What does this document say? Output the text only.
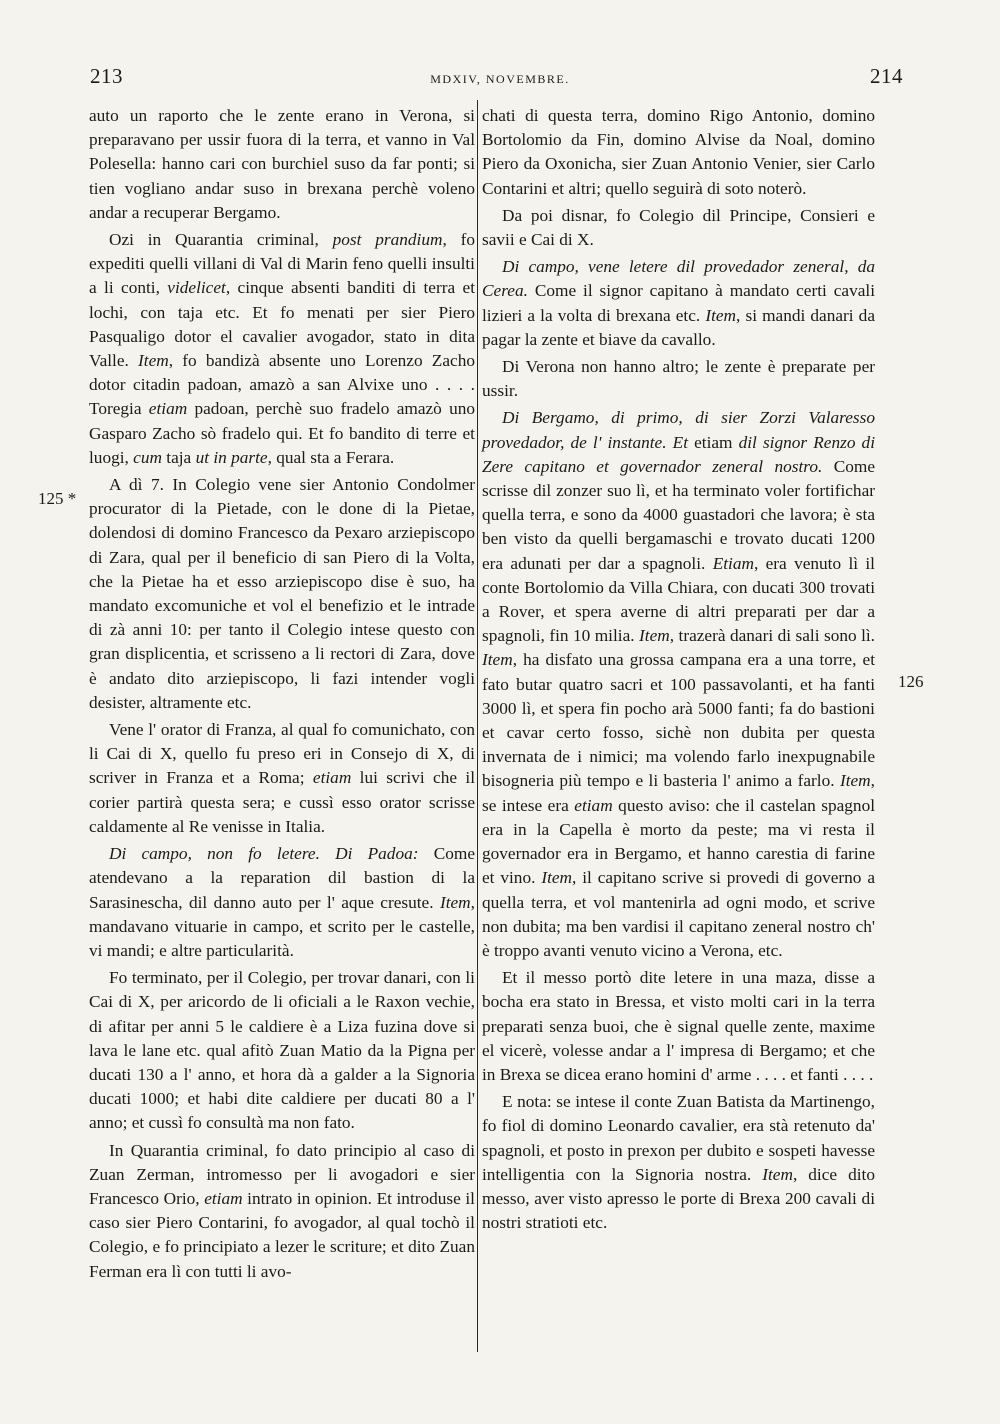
213	MDXIV, NOVEMBRE.	214
125 *
126

auto un raporto che le zente erano in Verona, si preparavano per ussir fuora di la terra, et vanno in Val Polesella: hanno cari con burchiel suso da far ponti; si tien vogliano andar suso in brexana perchè voleno andar a recuperar Bergamo.

Ozi in Quarantia criminal, post prandium, fo expediti quelli villani di Val di Marin feno quelli insulti a li conti, videlicet, cinque absenti banditi di terra et lochi, con taja etc. Et fo menati per sier Piero Pasqualigo dotor el cavalier avogador, stato in dita Valle. Item, fo bandizà absente uno Lorenzo Zacho dotor citadin padoan, amazò a san Alvixe uno . . . . Toregia etiam padoan, perchè suo fradelo amazò uno Gasparo Zacho sò fradelo qui. Et fo bandito di terre et luogi, cum taja ut in parte, qual sta a Ferara.

A dì 7. In Colegio vene sier Antonio Condolmer procurator di la Pietade, con le done di la Pietae, dolendosi di domino Francesco da Pexaro arziepiscopo di Zara, qual per il beneficio di san Piero di la Volta, che la Pietae ha et esso arziepiscopo dise è suo, ha mandato excomuniche et vol el benefizio et le intrade di zà anni 10: per tanto il Colegio intese questo con gran displicentia, et scrisseno a li rectori di Zara, dove è andato dito arziepiscopo, li fazi intender vogli desister, altramente etc.

Vene l' orator di Franza, al qual fo comunichato, con li Cai di X, quello fu preso eri in Consejo di X, di scriver in Franza et a Roma; etiam lui scrivi che il corier partirà questa sera; e cussì esso orator scrisse caldamente al Re venisse in Italia.

Di campo, non fo letere. Di Padoa: Come atendevano a la reparation dil bastion di la Sarasinescha, dil danno auto per l' aque cresute. Item, mandavano vituarie in campo, et scrito per le castelle, vi mandi; e altre particularità.

Fo terminato, per il Colegio, per trovar danari, con li Cai di X, per aricordo de li oficiali a le Raxon vechie, di afitar per anni 5 le caldiere è a Liza fuzina dove si lava le lane etc. qual afitò Zuan Matio da la Pigna per ducati 130 a l' anno, et hora dà a galder a la Signoria ducati 1000; et habi dite caldiere per ducati 80 a l' anno; et cussì fo consultà ma non fato.

In Quarantia criminal, fo dato principio al caso di Zuan Zerman, intromesso per li avogadori e sier Francesco Orio, etiam intrato in opinion. Et introduse il caso sier Piero Contarini, fo avogador, al qual tochò il Colegio, e fo principiato a lezer le scriture; et dito Zuan Ferman era lì con tutti li avo-

chati di questa terra, domino Rigo Antonio, domino Bortolomio da Fin, domino Alvise da Noal, domino Piero da Oxonicha, sier Zuan Antonio Venier, sier Carlo Contarini et altri; quello seguirà di soto noterò.

Da poi disnar, fo Colegio dil Principe, Consieri e savii e Cai di X.

Di campo, vene letere dil provedador zeneral, da Cerea. Come il signor capitano à mandato certi cavali lizieri a la volta di brexana etc. Item, si mandi danari da pagar la zente et biave da cavallo.

Di Verona non hanno altro; le zente è preparate per ussir.

Di Bergamo, di primo, di sier Zorzi Valaresso provedador, de l' instante. Et etiam dil signor Renzo di Zere capitano et governador zeneral nostro. Come scrisse dil zonzer suo lì, et ha terminato voler fortifichar quella terra, e sono da 4000 guastadori che lavora; è sta ben visto da quelli bergamaschi e trovato ducati 1200 era adunati per dar a spagnoli. Etiam, era venuto lì il conte Bortolomio da Villa Chiara, con ducati 300 trovati a Rover, et spera averne di altri preparati per dar a spagnoli, fin 10 milia. Item, trazerà danari di sali sono lì. Item, ha disfato una grossa campana era a una torre, et fato butar quatro sacri et 100 passavolanti, et ha fanti 3000 lì, et spera fin pocho arà 5000 fanti; fa do bastioni et cavar certo fosso, sichè non dubita per questa invernata de i nimici; ma volendo farlo inexpugnabile bisogneria più tempo e li basteria l' animo a farlo. Item, se intese era etiam questo aviso: che il castelan spagnol era in la Capella è morto da peste; ma vi resta il governador era in Bergamo, et hanno carestia di farine et vino. Item, il capitano scrive si provedi di governo a quella terra, et vol mantenirla ad ogni modo, et scrive non dubita; ma ben vardisi il capitano zeneral nostro ch' è troppo avanti venuto vicino a Verona, etc.

Et il messo portò dite letere in una maza, disse a bocha era stato in Bressa, et visto molti cari in la terra preparati senza buoi, che è signal quelle zente, maxime el vicerè, volesse andar a l' impresa di Bergamo; et che in Brexa se dicea erano homini d' arme . . . . et fanti . . . .

E nota: se intese il conte Zuan Batista da Martinengo, fo fiol di domino Leonardo cavalier, era stà retenuto da' spagnoli, et posto in prexon per dubito e sospeti havesse intelligentia con la Signoria nostra. Item, dice dito messo, aver visto apresso le porte di Brexa 200 cavali di nostri stratioti etc.
